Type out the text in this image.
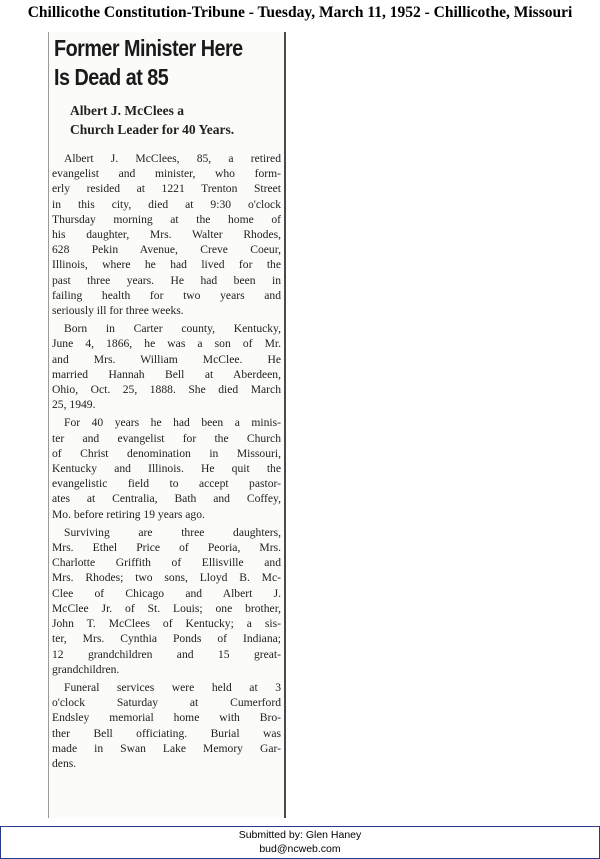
Chillicothe Constitution-Tribune - Tuesday, March 11, 1952 - Chillicothe, Missouri
Former Minister Here
Is Dead at 85
Albert J. McClees a
Church Leader for 40 Years.
Albert J. McClees, 85, a retired
evangelist and minister, who form-
erly resided at 1221 Trenton Street
in this city, died at 9:30 o'clock
Thursday morning at the home of
his daughter, Mrs. Walter Rhodes,
628 Pekin Avenue, Creve Coeur,
Illinois, where he had lived for the
past three years. He had been in
failing health for two years and
seriously ill for three weeks.
Born in Carter county, Kentucky,
June 4, 1866, he was a son of Mr.
and Mrs. William McClee. He
married Hannah Bell at Aberdeen,
Ohio, Oct. 25, 1888. She died March
25, 1949.
For 40 years he had been a minis-
ter and evangelist for the Church
of Christ denomination in Missouri,
Kentucky and Illinois. He quit the
evangelistic field to accept pastor-
ates at Centralia, Bath and Coffey,
Mo. before retiring 19 years ago.
Surviving are three daughters,
Mrs. Ethel Price of Peoria, Mrs.
Charlotte Griffith of Ellisville and
Mrs. Rhodes; two sons, Lloyd B. Mc-
Clee of Chicago and Albert J.
McClee Jr. of St. Louis; one brother,
John T. McClees of Kentucky; a sis-
ter, Mrs. Cynthia Ponds of Indiana;
12 grandchildren and 15 great-
grandchildren.
Funeral services were held at 3
o'clock Saturday at Cumerford
Endsley memorial home with Bro-
ther Bell officiating. Burial was
made in Swan Lake Memory Gar-
dens.
Submitted by: Glen Haney
bud@ncweb.com
